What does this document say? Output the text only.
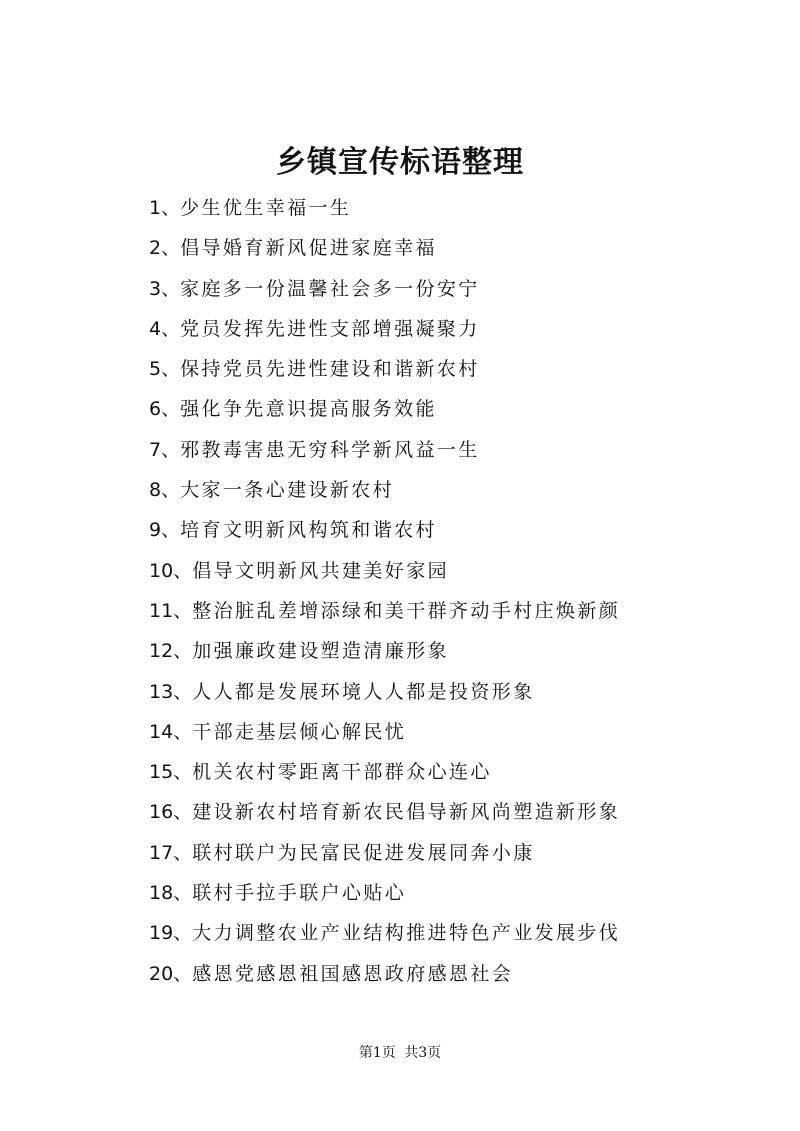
乡镇宣传标语整理
1、少生优生幸福一生
2、倡导婚育新风促进家庭幸福
3、家庭多一份温馨社会多一份安宁
4、党员发挥先进性支部增强凝聚力
5、保持党员先进性建设和谐新农村
6、强化争先意识提高服务效能
7、邪教毒害患无穷科学新风益一生
8、大家一条心建设新农村
9、培育文明新风构筑和谐农村
10、倡导文明新风共建美好家园
11、整治脏乱差增添绿和美干群齐动手村庄焕新颜
12、加强廉政建设塑造清廉形象
13、人人都是发展环境人人都是投资形象
14、干部走基层倾心解民忧
15、机关农村零距离干部群众心连心
16、建设新农村培育新农民倡导新风尚塑造新形象
17、联村联户为民富民促进发展同奔小康
18、联村手拉手联户心贴心
19、大力调整农业产业结构推进特色产业发展步伐
20、感恩党感恩祖国感恩政府感恩社会
第1页 共3页
